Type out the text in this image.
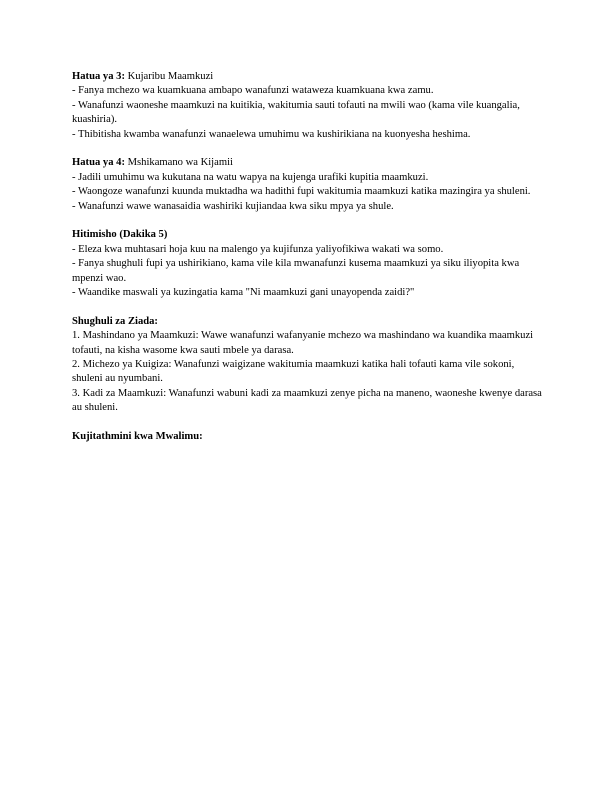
Hatua ya 3: Kujaribu Maamkuzi
- Fanya mchezo wa kuamkuana ambapo wanafunzi wataweza kuamkuana kwa zamu.
- Wanafunzi waoneshe maamkuzi na kuitikia, wakitumia sauti tofauti na mwili wao (kama vile kuangalia, kuashiria).
- Thibitisha kwamba wanafunzi wanaelewa umuhimu wa kushirikiana na kuonyesha heshima.
Hatua ya 4: Mshikamano wa Kijamii
- Jadili umuhimu wa kukutana na watu wapya na kujenga urafiki kupitia maamkuzi.
- Waongoze wanafunzi kuunda muktadha wa hadithi fupi wakitumia maamkuzi katika mazingira ya shuleni.
- Wanafunzi wawe wanasaidia washiriki kujiandaa kwa siku mpya ya shule.
Hitimisho (Dakika 5)
- Eleza kwa muhtasari hoja kuu na malengo ya kujifunza yaliyofikiwa wakati wa somo.
- Fanya shughuli fupi ya ushirikiano, kama vile kila mwanafunzi kusema maamkuzi ya siku iliyopita kwa mpenzi wao.
- Waandike maswali ya kuzingatia kama "Ni maamkuzi gani unayopenda zaidi?"
Shughuli za Ziada:
1. Mashindano ya Maamkuzi: Wawe wanafunzi wafanyanie mchezo wa mashindano wa kuandika maamkuzi tofauti, na kisha wasome kwa sauti mbele ya darasa.
2. Michezo ya Kuigiza: Wanafunzi waigizane wakitumia maamkuzi katika hali tofauti kama vile sokoni, shuleni au nyumbani.
3. Kadi za Maamkuzi: Wanafunzi wabuni kadi za maamkuzi zenye picha na maneno, waoneshe kwenye darasa au shuleni.
Kujitathmini kwa Mwalimu:
